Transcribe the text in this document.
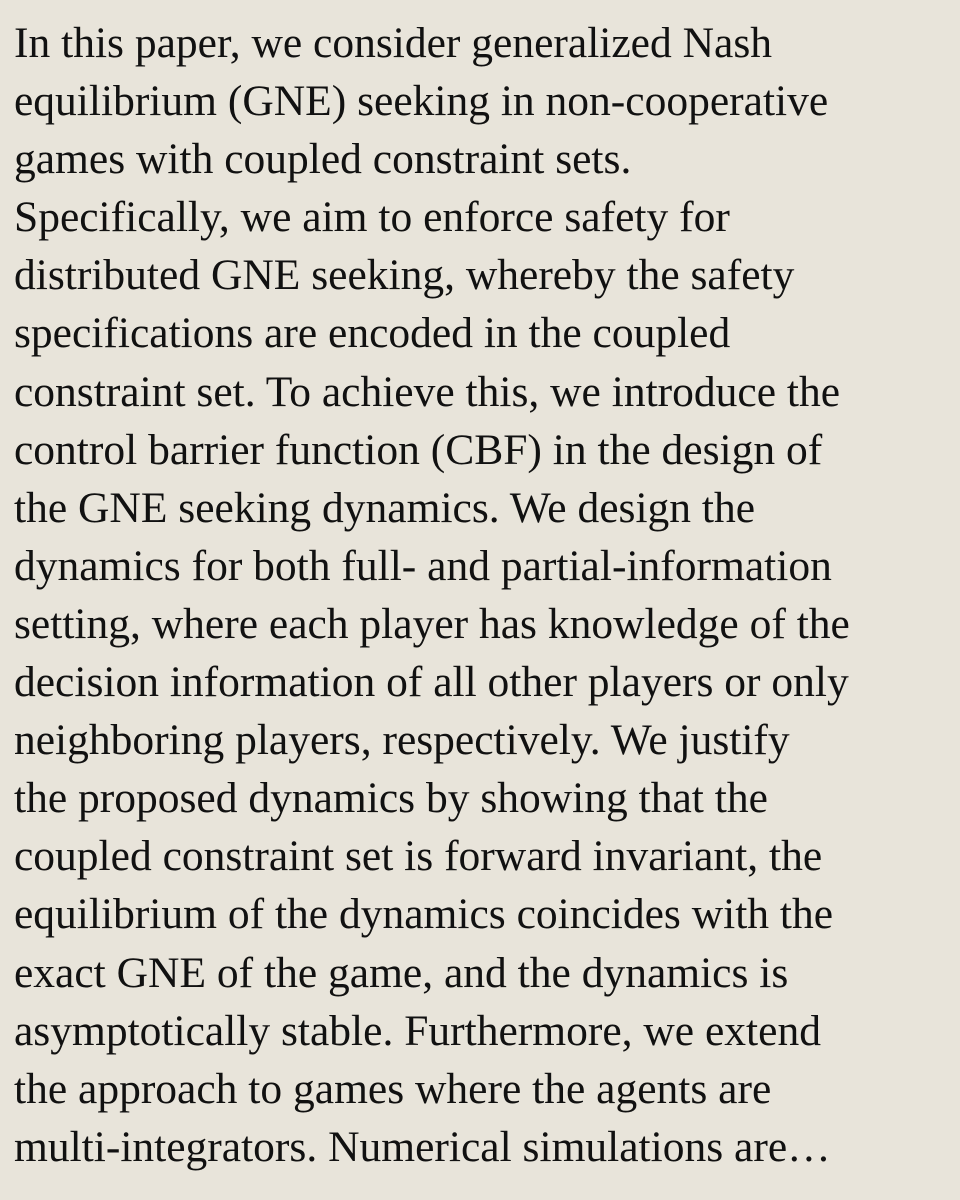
In this paper, we consider generalized Nash
equilibrium (GNE) seeking in non-cooperative
games with coupled constraint sets.
Specifically, we aim to enforce safety for
distributed GNE seeking, whereby the safety
specifications are encoded in the coupled
constraint set. To achieve this, we introduce the
control barrier function (CBF) in the design of
the GNE seeking dynamics. We design the
dynamics for both full- and partial-information
setting, where each player has knowledge of the
decision information of all other players or only
neighboring players, respectively. We justify
the proposed dynamics by showing that the
coupled constraint set is forward invariant, the
equilibrium of the dynamics coincides with the
exact GNE of the game, and the dynamics is
asymptotically stable. Furthermore, we extend
the approach to games where the agents are
multi-integrators. Numerical simulations are…
